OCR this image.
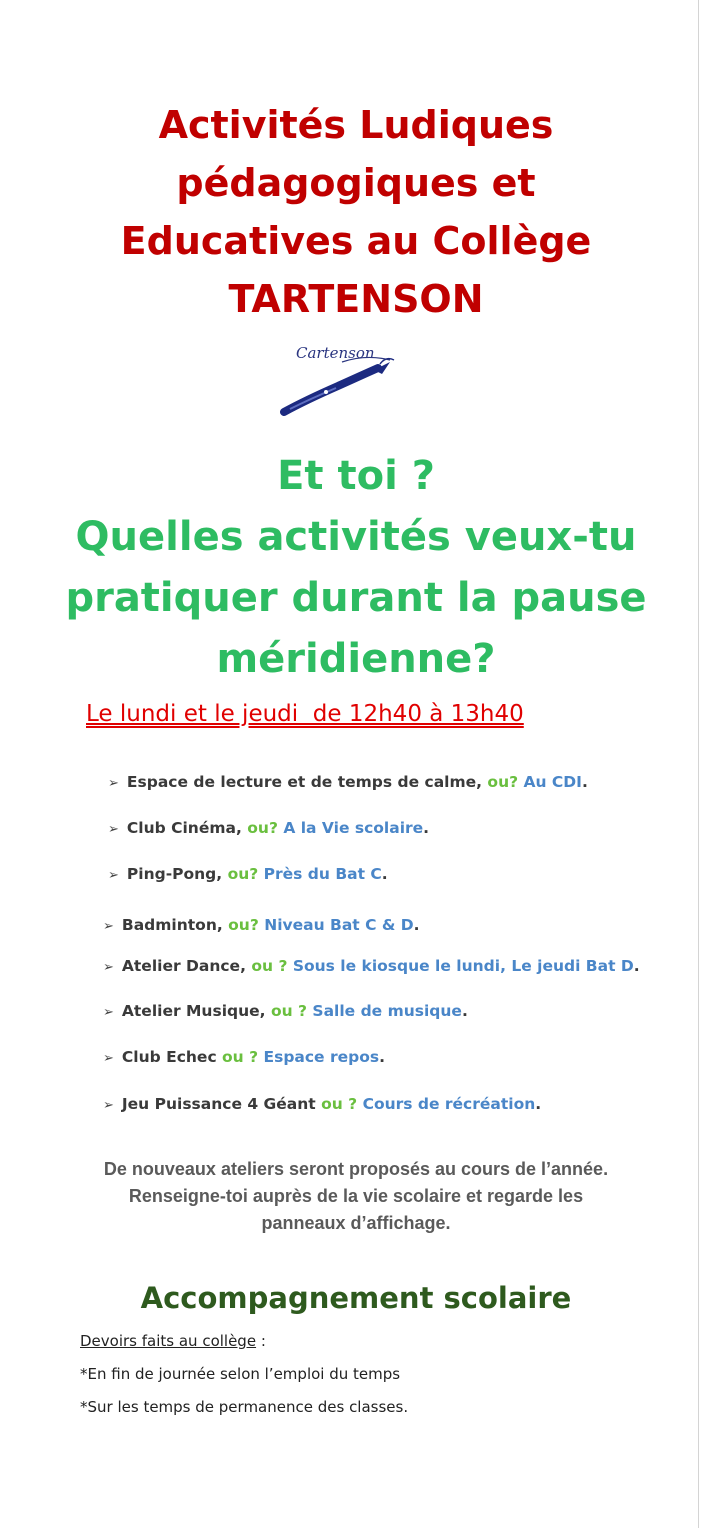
Activités Ludiques
pédagogiques et
Educatives au Collège
TARTENSON
Cartenson
Et toi ?
Quelles activités veux-tu
pratiquer durant la pause
méridienne?
Le lundi et le jeudi  de 12h40 à 13h40
➢ Espace de lecture et de temps de calme, ou? Au CDI.
➢ Club Cinéma, ou? A la Vie scolaire.
➢ Ping-Pong, ou? Près du Bat C.
➢ Badminton, ou? Niveau Bat C & D.
➢ Atelier Dance, ou ? Sous le kiosque le lundi, Le jeudi Bat D.
➢ Atelier Musique, ou ? Salle de musique.
➢ Club Echec ou ? Espace repos.
➢ Jeu Puissance 4 Géant ou ? Cours de récréation.

De nouveaux ateliers seront proposés au cours de l’année.
Renseigne-toi auprès de la vie scolaire et regarde les
panneaux d’affichage.

Accompagnement scolaire
Devoirs faits au collège :
*En fin de journée selon l’emploi du temps
*Sur les temps de permanence des classes.
